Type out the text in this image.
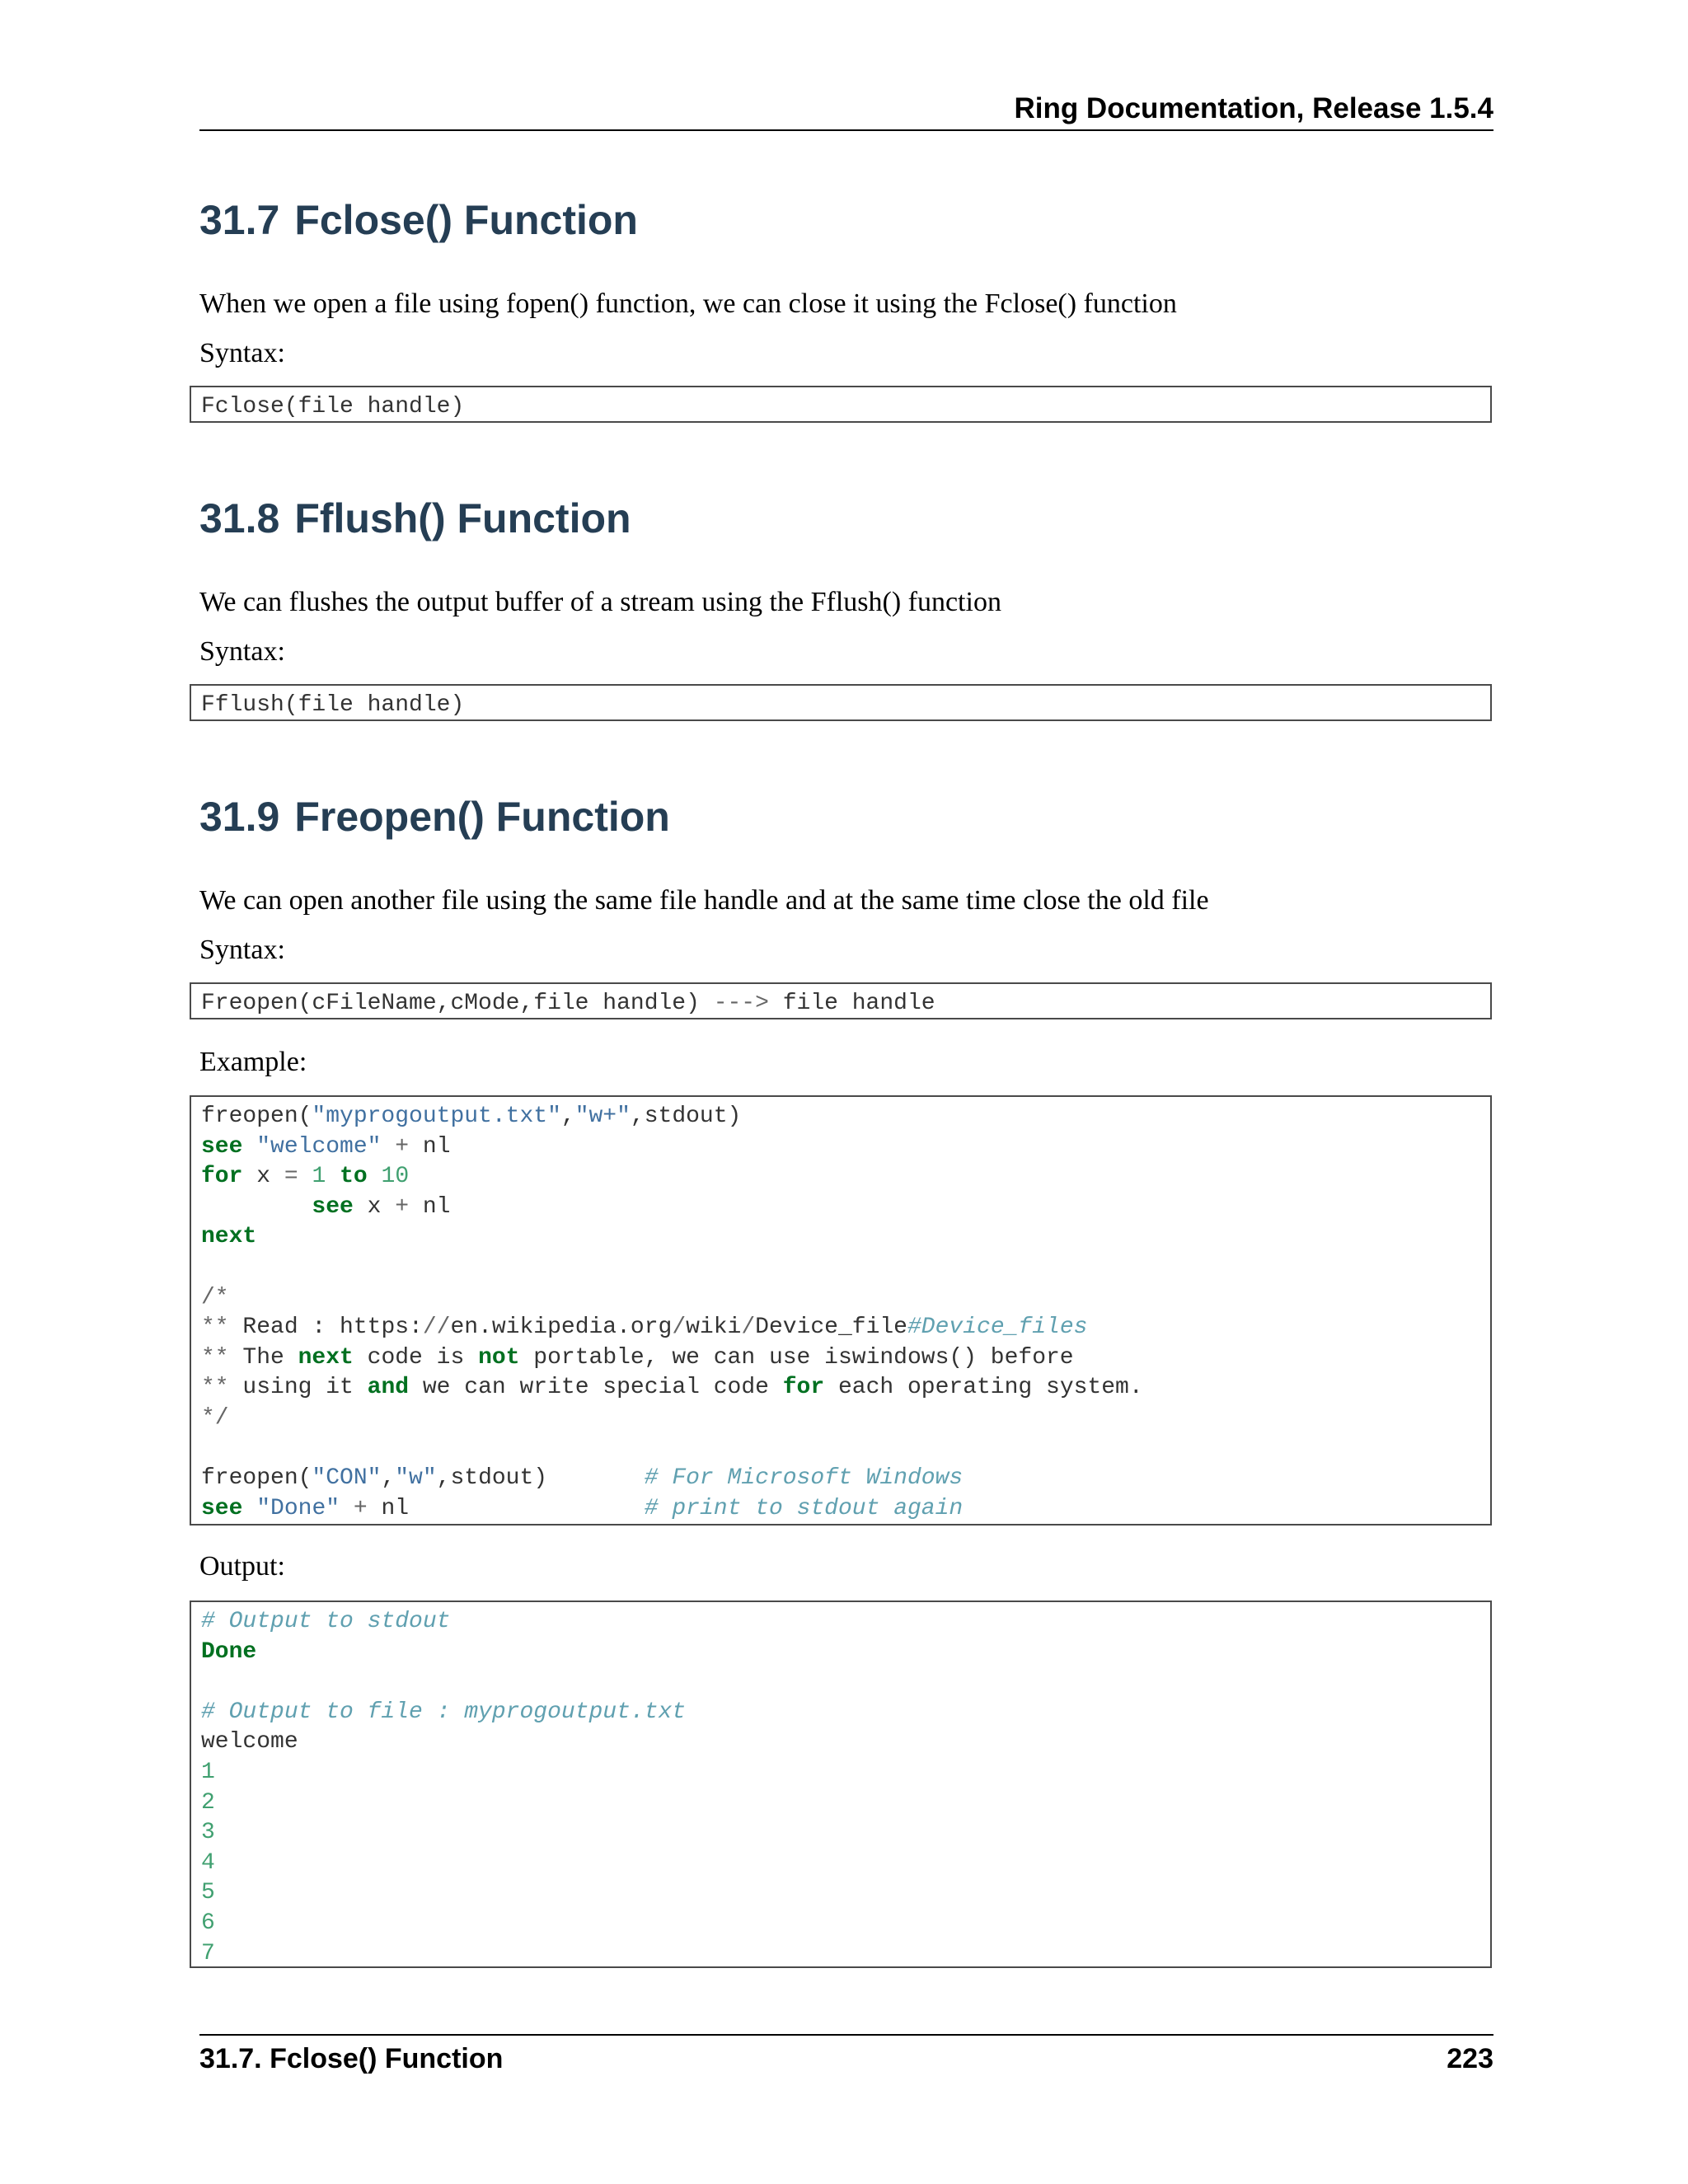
Ring Documentation, Release 1.5.4
31.7 Fclose() Function

When we open a file using fopen() function, we can close it using the Fclose() function

Syntax:

Fclose(file handle)
31.8 Fflush() Function

We can flushes the output buffer of a stream using the Fflush() function

Syntax:

Fflush(file handle)
31.9 Freopen() Function

We can open another file using the same file handle and at the same time close the old file

Syntax:

Freopen(cFileName,cMode,file handle) ---> file handle

Example:

freopen("myprogoutput.txt","w+",stdout)
see "welcome" + nl
for x = 1 to 10
see x + nl
next
/*
** Read : https://en.wikipedia.org/wiki/Device_file#Device_files
** The next code is not portable, we can use iswindows() before
** using it and we can write special code for each operating system.
*/
freopen("CON","w",stdout)       # For Microsoft Windows
see "Done" + nl                 # print to stdout again

Output:

# Output to stdout
Done
# Output to file : myprogoutput.txt
welcome
1
2
3
4
5
6
7
31.7. Fclose() Function	223
